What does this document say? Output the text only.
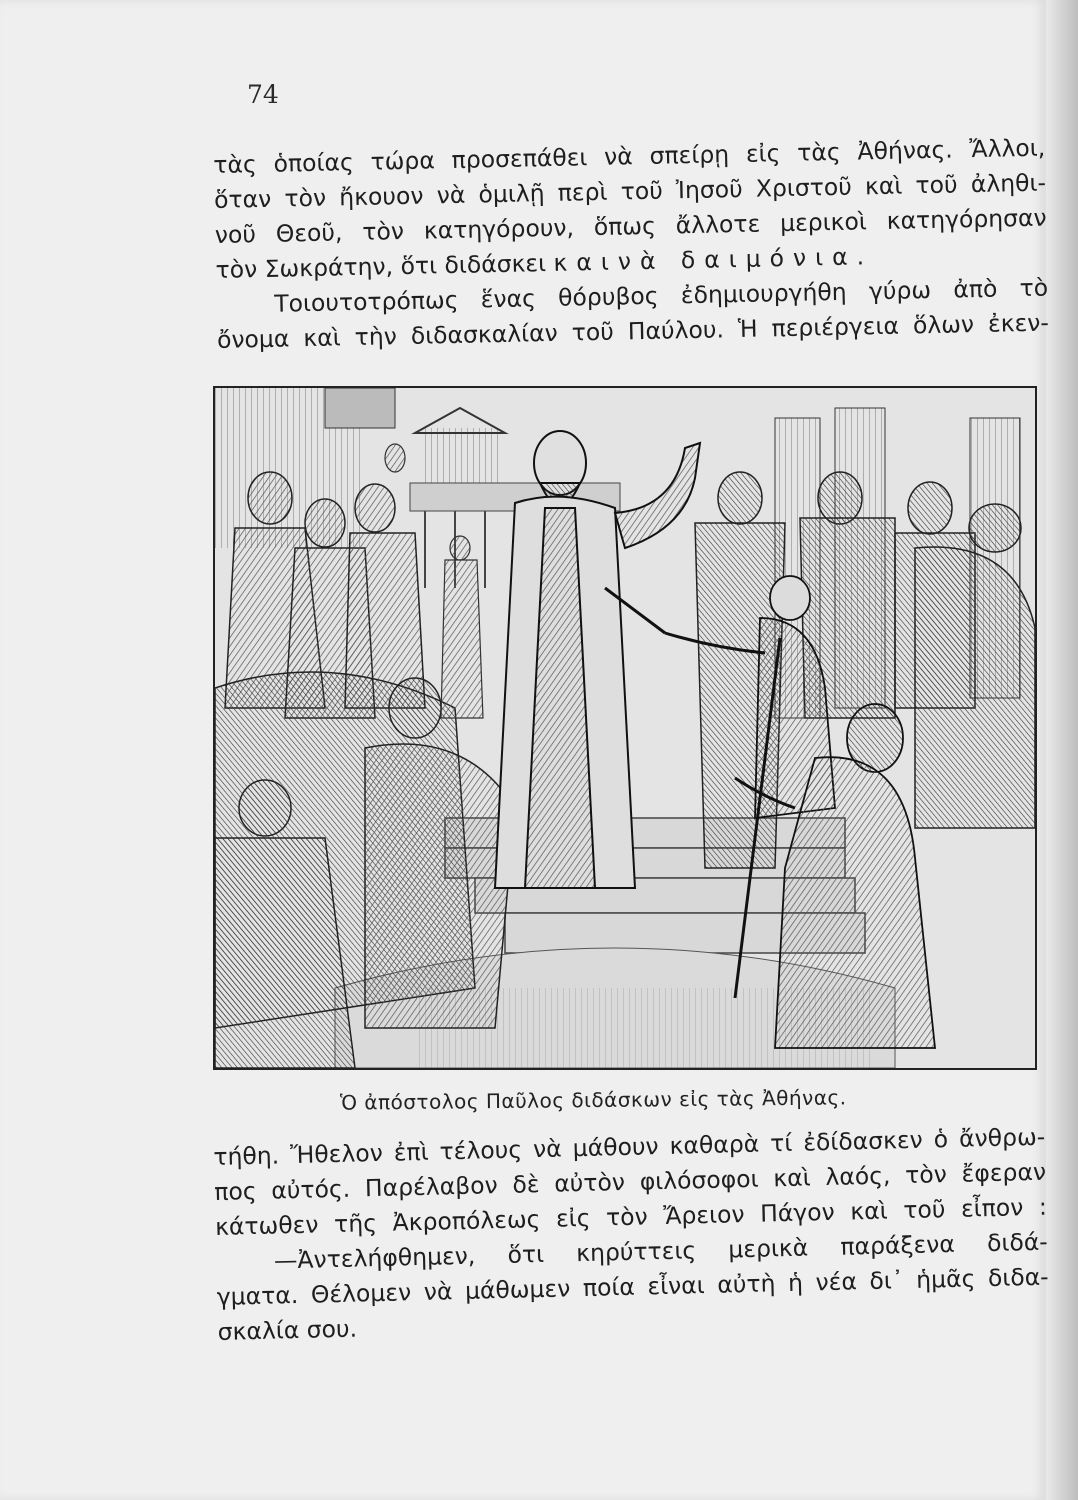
74
τὰς ὁποίας τώρα προσεπάθει νὰ σπείρῃ εἰς τὰς Ἀθήνας. Ἄλλοι,
ὅταν τὸν ἤκουον νὰ ὁμιλῇ περὶ τοῦ Ἰησοῦ Χριστοῦ καὶ τοῦ ἀληθι-
νοῦ Θεοῦ, τὸν κατηγόρουν, ὅπως ἄλλοτε μερικοὶ κατηγόρησαν
τὸν Σωκράτην, ὅτι διδάσκει καινὰ δαιμόνια.
Τοιουτοτρόπως ἕνας θόρυβος ἐδημιουργήθη γύρω ἀπὸ τὸ
ὄνομα καὶ τὴν διδασκαλίαν τοῦ Παύλου. Ἡ περιέργεια ὅλων ἐκεν-
Ὁ ἀπόστολος Παῦλος διδάσκων εἰς τὰς Ἀθήνας.
τήθη. Ἤθελον ἐπὶ τέλους νὰ μάθουν καθαρὰ τί ἐδίδασκεν ὁ ἄνθρω-
πος αὐτός. Παρέλαβον δὲ αὐτὸν φιλόσοφοι καὶ λαός, τὸν ἔφεραν
κάτωθεν τῆς Ἀκροπόλεως εἰς τὸν Ἄρειον Πάγον καὶ τοῦ εἶπον :
—Ἀντελήφθημεν, ὅτι κηρύττεις μερικὰ παράξενα διδά-
γματα. Θέλομεν νὰ μάθωμεν ποία εἶναι αὐτὴ ἡ νέα δι᾽ ἡμᾶς διδα-
σκαλία σου.
